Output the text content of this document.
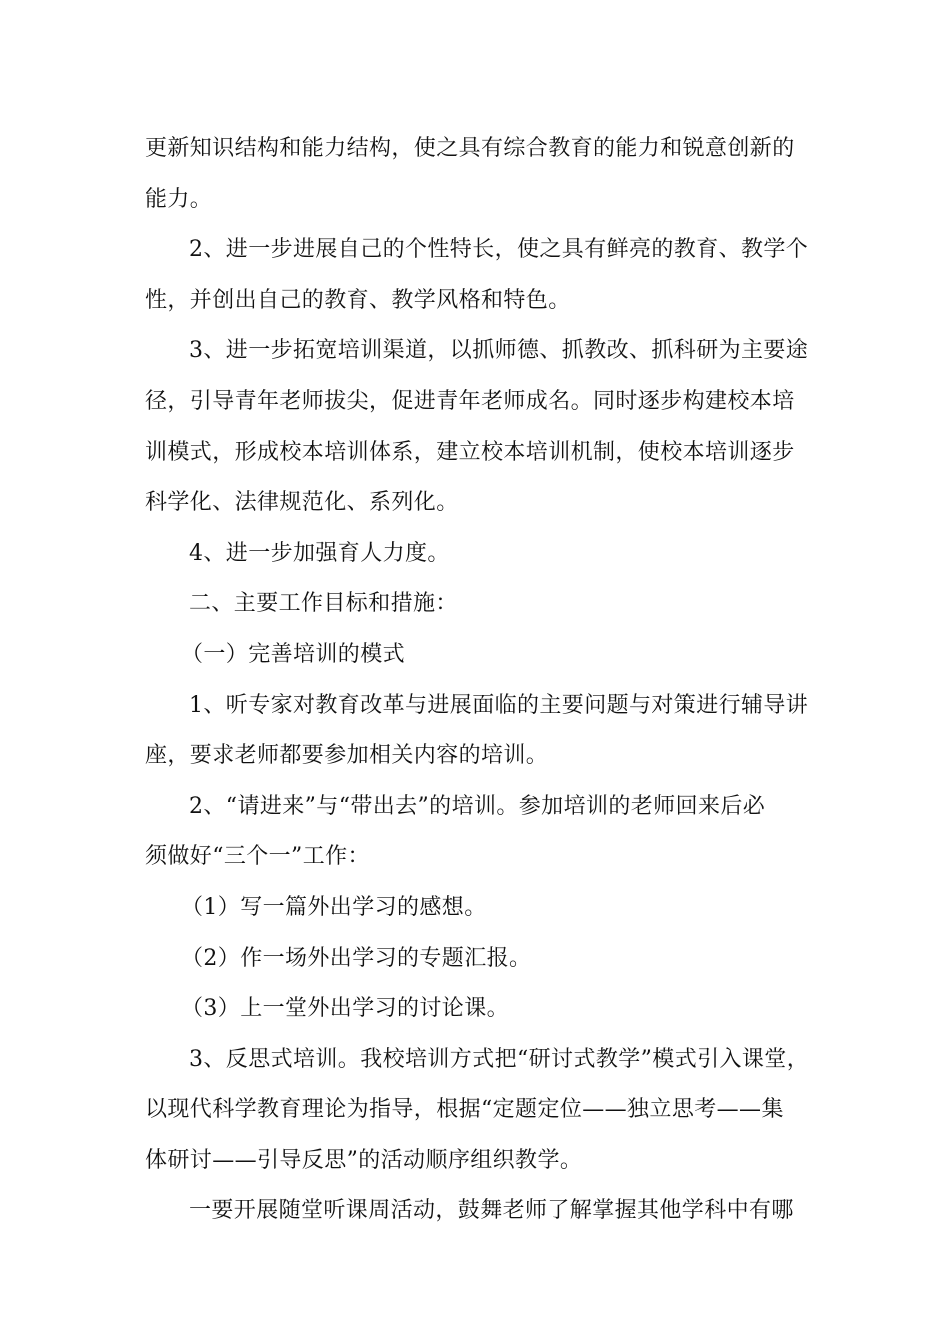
更新知识结构和能力结构，使之具有综合教育的能力和锐意创新的
能力。
2、进一步进展自己的个性特长，使之具有鲜亮的教育、教学个
性，并创出自己的教育、教学风格和特色。
3、进一步拓宽培训渠道，以抓师德、抓教改、抓科研为主要途
径，引导青年老师拔尖，促进青年老师成名。同时逐步构建校本培
训模式，形成校本培训体系，建立校本培训机制，使校本培训逐步
科学化、法律规范化、系列化。
4、进一步加强育人力度。
二、主要工作目标和措施：
（一）完善培训的模式
1、听专家对教育改革与进展面临的主要问题与对策进行辅导讲
座，要求老师都要参加相关内容的培训。
2、“请进来”与“带出去”的培训。参加培训的老师回来后必
须做好“三个一”工作：
（1）写一篇外出学习的感想。
（2）作一场外出学习的专题汇报。
（3）上一堂外出学习的讨论课。
3、反思式培训。我校培训方式把“研讨式教学”模式引入课堂，
以现代科学教育理论为指导，根据“定题定位——独立思考——集
体研讨——引导反思”的活动顺序组织教学。
一要开展随堂听课周活动，鼓舞老师了解掌握其他学科中有哪
